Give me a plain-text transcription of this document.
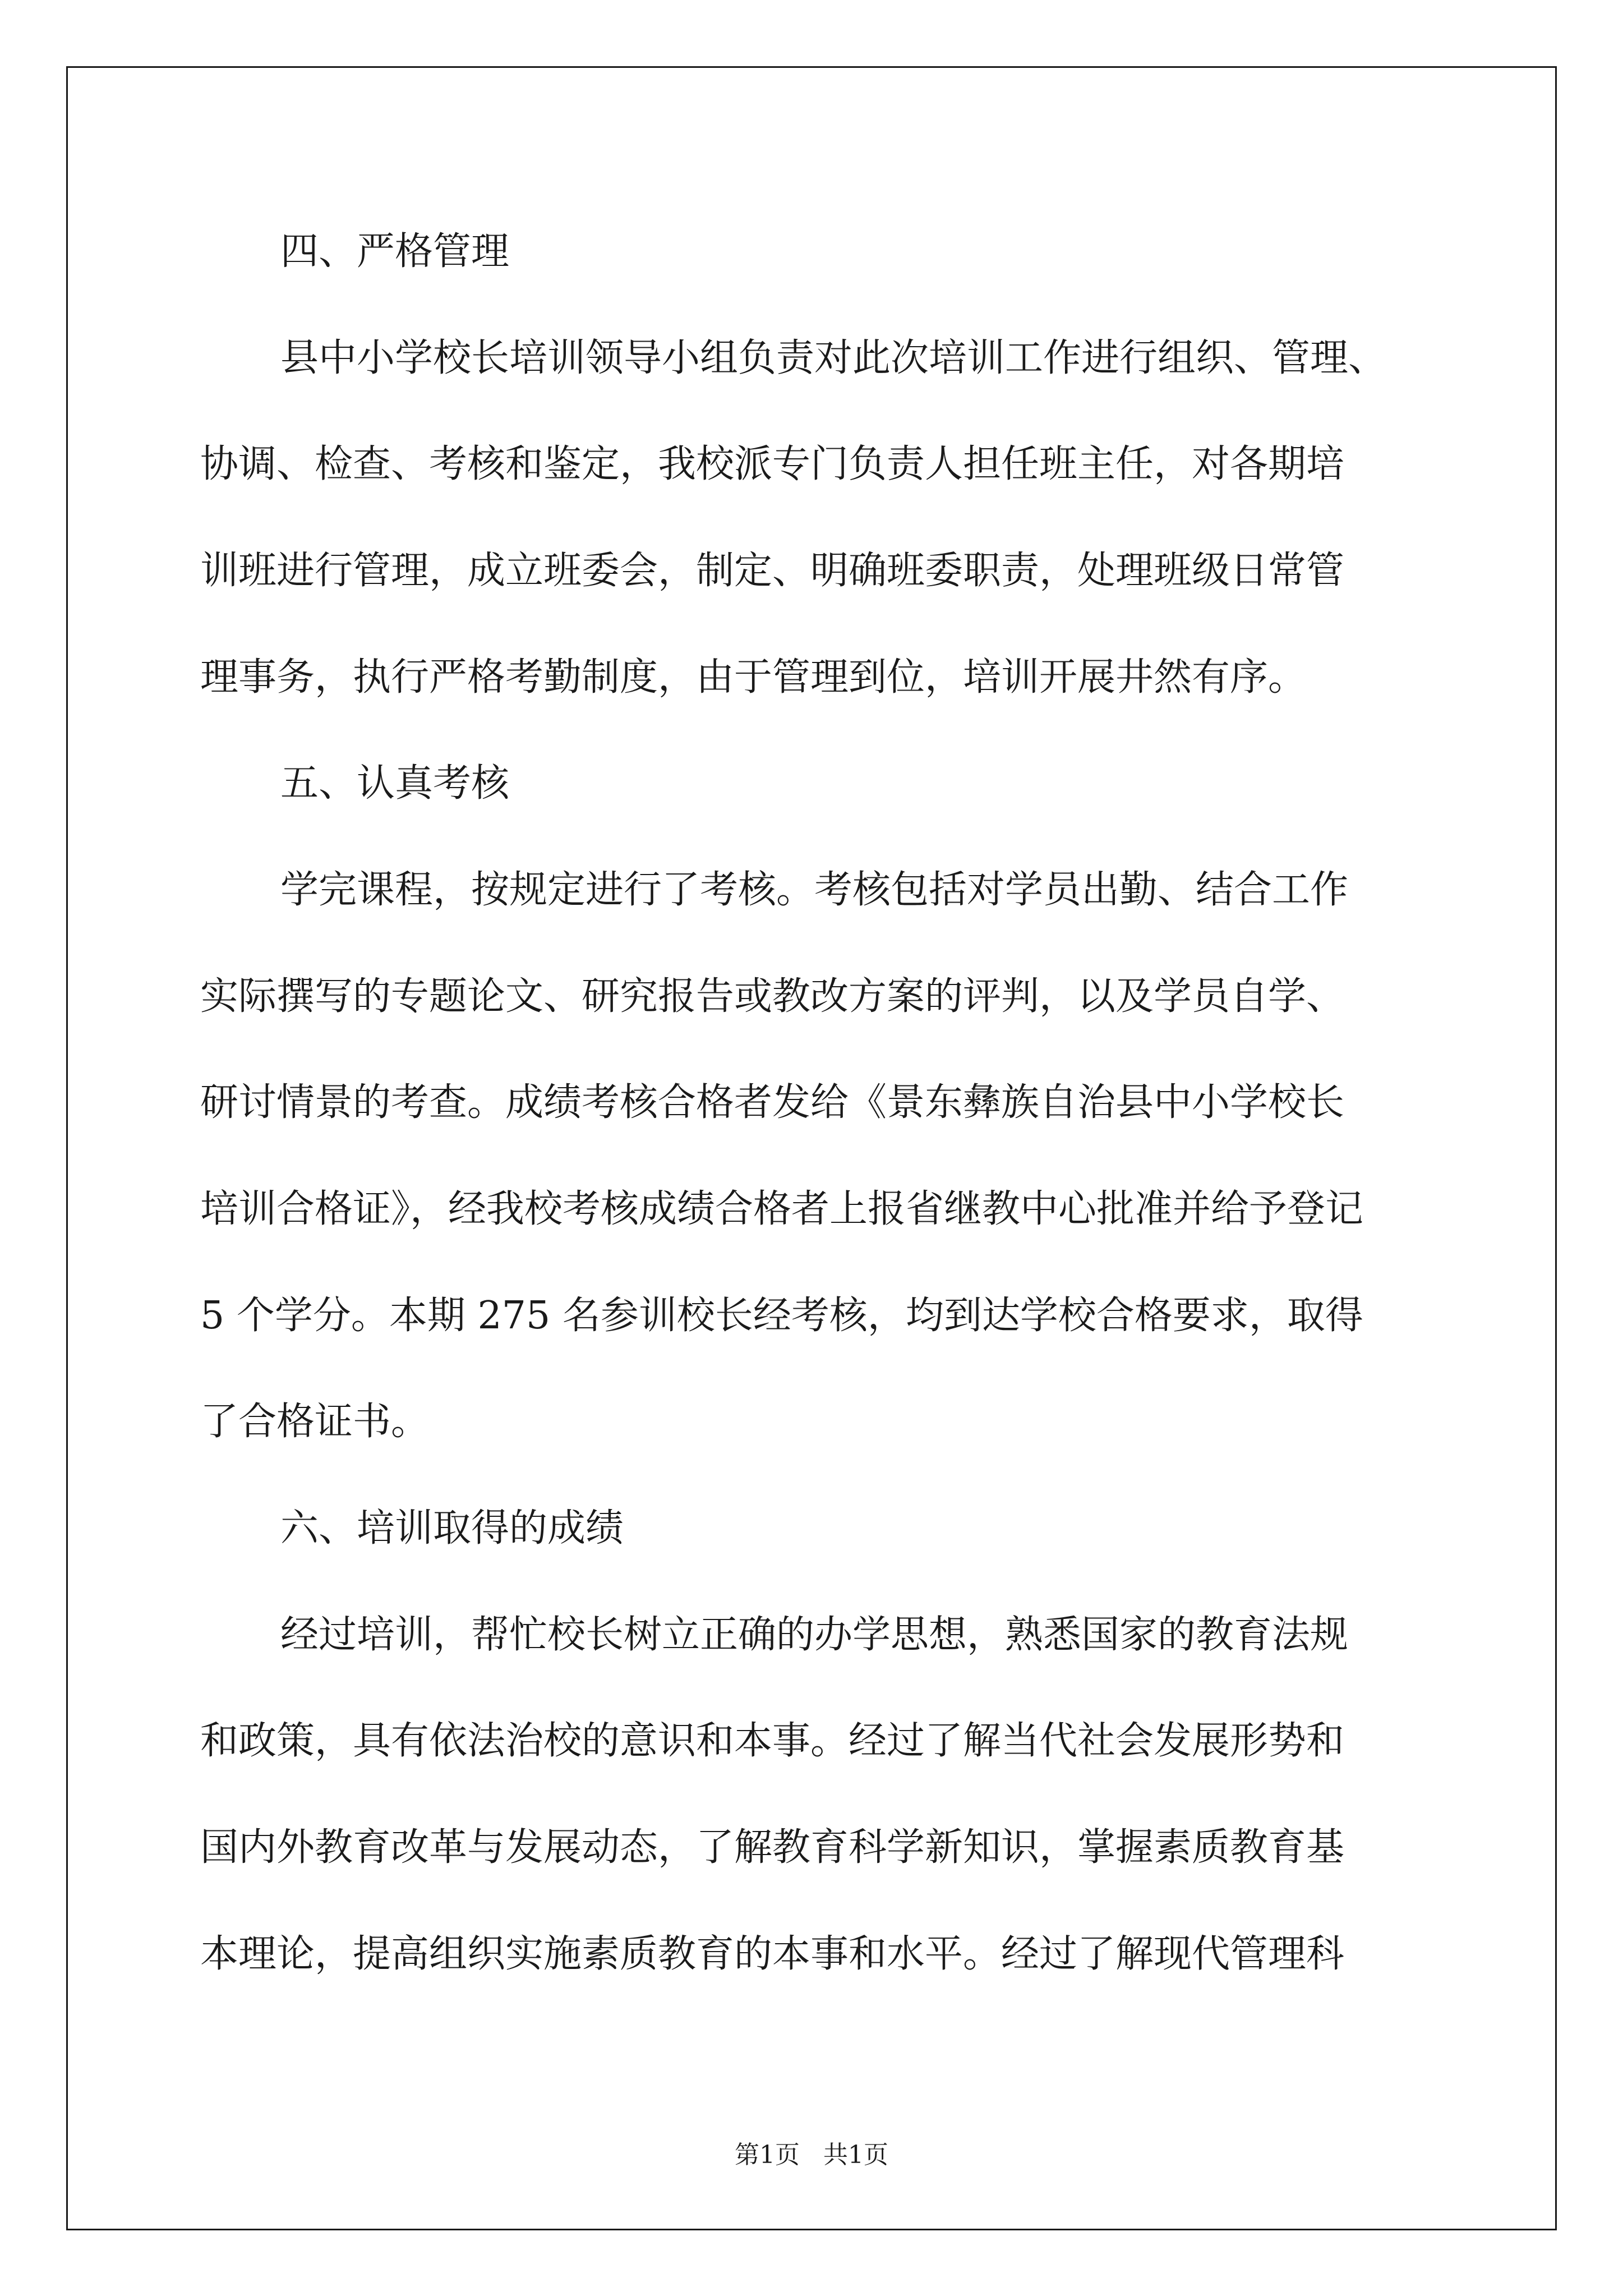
四、严格管理
县中小学校长培训领导小组负责对此次培训工作进行组织、管理、
协调、检查、考核和鉴定，我校派专门负责人担任班主任，对各期培
训班进行管理，成立班委会，制定、明确班委职责，处理班级日常管
理事务，执行严格考勤制度，由于管理到位，培训开展井然有序。
五、认真考核
学完课程，按规定进行了考核。考核包括对学员出勤、结合工作
实际撰写的专题论文、研究报告或教改方案的评判，以及学员自学、
研讨情景的考查。成绩考核合格者发给《景东彝族自治县中小学校长
培训合格证》，经我校考核成绩合格者上报省继教中心批准并给予登记
5 个学分。本期 275 名参训校长经考核，均到达学校合格要求，取得
了合格证书。
六、培训取得的成绩
经过培训，帮忙校长树立正确的办学思想，熟悉国家的教育法规
和政策，具有依法治校的意识和本事。经过了解当代社会发展形势和
国内外教育改革与发展动态，了解教育科学新知识，掌握素质教育基
本理论，提高组织实施素质教育的本事和水平。经过了解现代管理科
第1页   共1页
